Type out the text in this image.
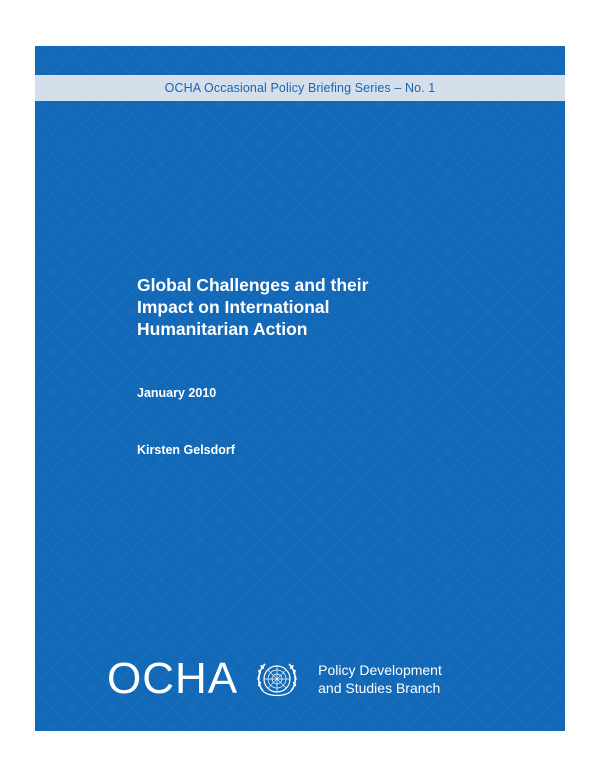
OCHA Occasional Policy Briefing Series – No. 1
Global Challenges and their
Impact on International
Humanitarian Action
January 2010
Kirsten Gelsdorf
OCHA	Policy Development
and Studies Branch
